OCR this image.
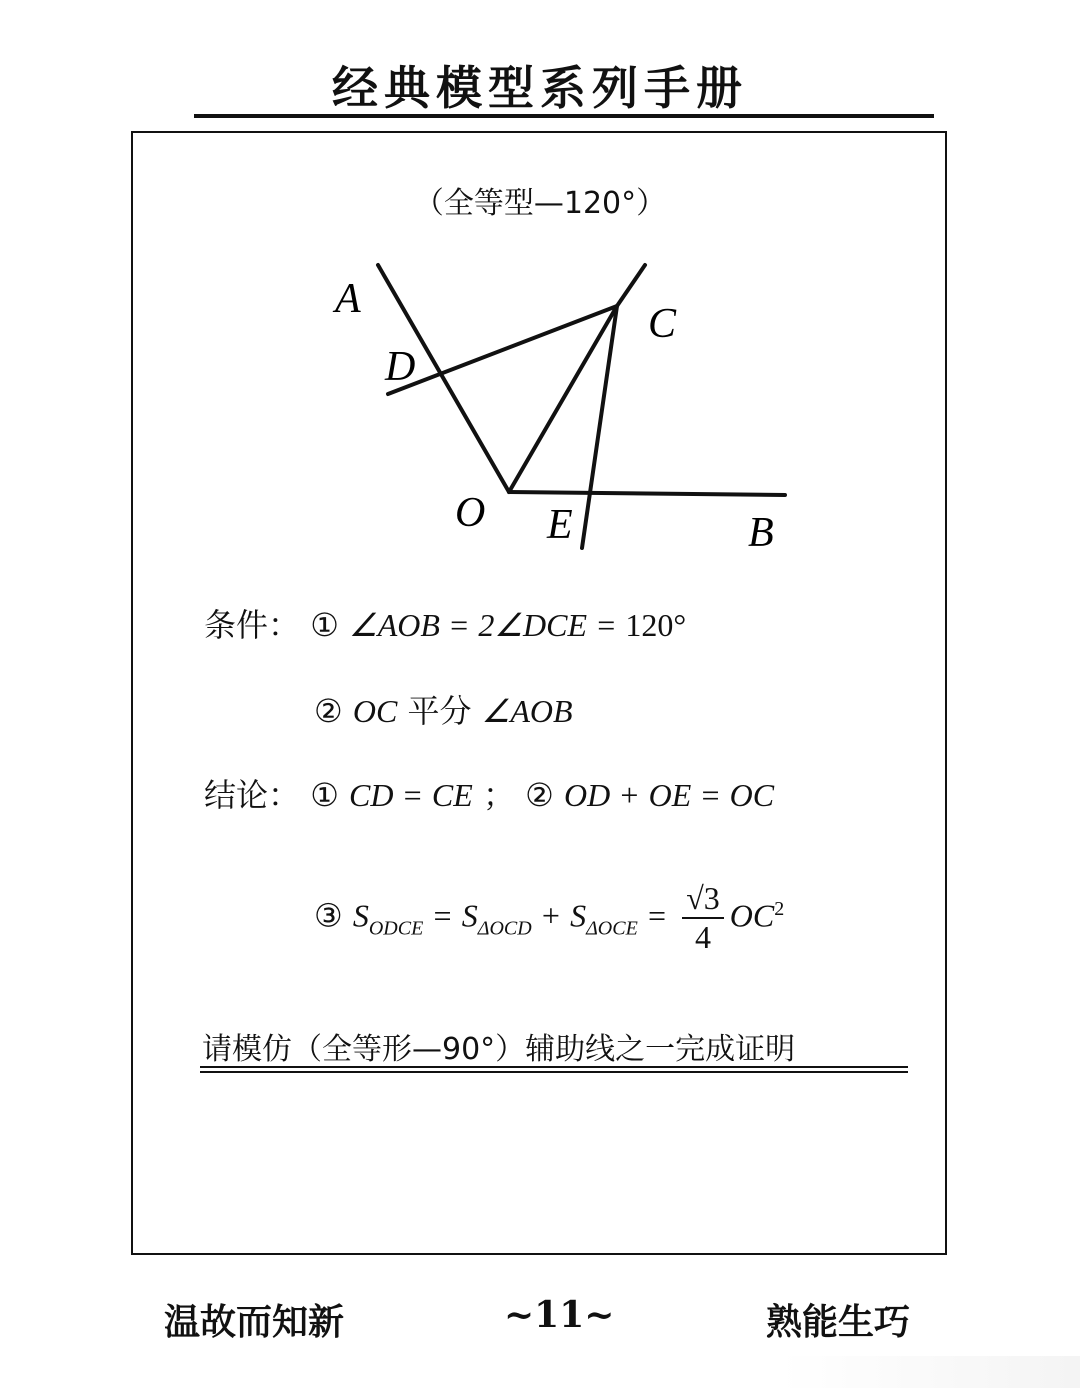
经典模型系列手册
（全等型—120°）
A
C
D
O E	B
条件： ① ∠AOB = 2∠DCE = 120°
② OC 平分 ∠AOB
结论： ① CD = CE ； ② OD + OE = OC
③ $S_{ODCE} = S_{\Delta OCD} + S_{\Delta OCE} = \frac{√3}{4} OC^2$
请模仿（全等形—90°）辅助线之一完成证明
温故而知新	~11~	熟能生巧
